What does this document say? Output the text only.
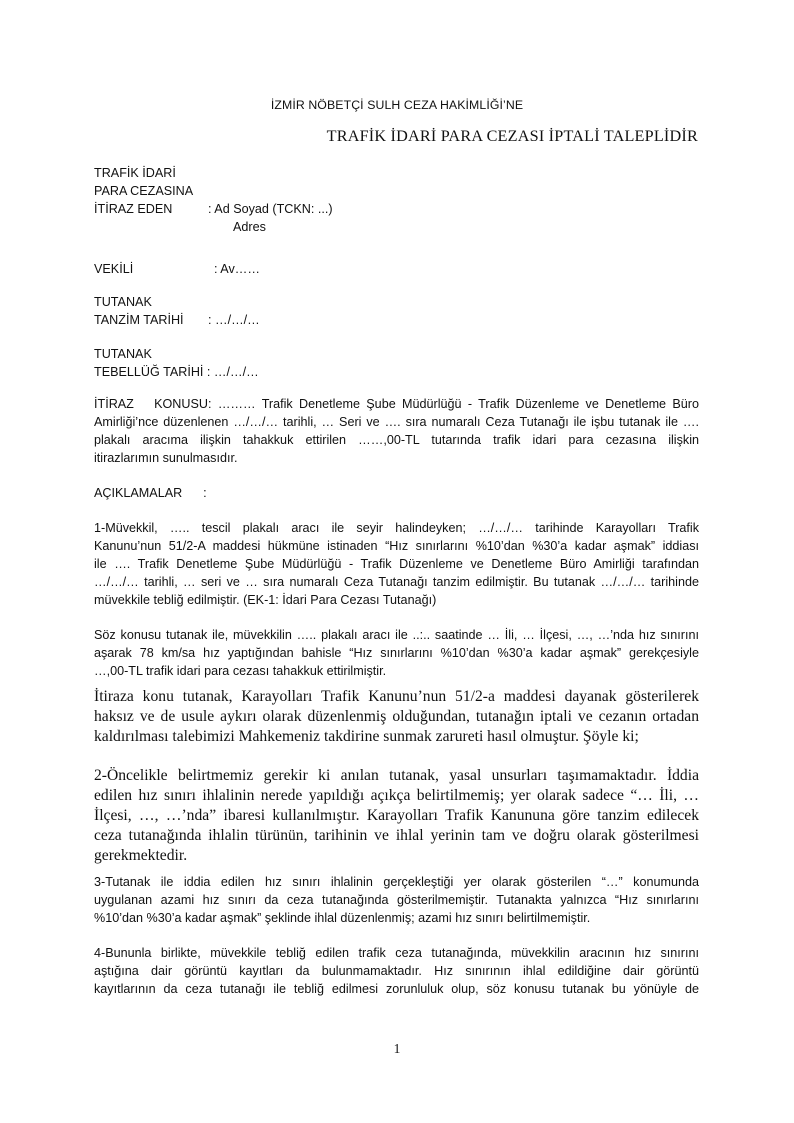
İZMİR NÖBETÇİ SULH CEZA HAKİMLİĞİ’NE
TRAFİK İDARİ PARA CEZASI İPTALİ TALEPLİDİR
TRAFİK İDARİ
PARA CEZASINA
İTİRAZ EDEN	: Ad Soyad (TCKN: ...)
Adres
VEKİLİ	: Av……
TUTANAK
TANZİM TARİHİ : …/…/…
TUTANAK
TEBELLÜĞ TARİHİ : …/…/…
İTİRAZ KONUSU: ……… Trafik Denetleme Şube Müdürlüğü - Trafik Düzenleme ve Denetleme Büro
Amirliği’nce düzenlenen …/…/… tarihli, … Seri ve …. sıra numaralı Ceza Tutanağı ile işbu tutanak ile ….
plakalı aracıma ilişkin tahakkuk ettirilen ……,00-TL tutarında trafik idari para cezasına ilişkin
itirazlarımın sunulmasıdır.
AÇIKLAMALAR      :
1-Müvekkil, ….. tescil plakalı aracı ile seyir halindeyken; …/…/… tarihinde Karayolları Trafik
Kanunu’nun 51/2-A maddesi hükmüne istinaden “Hız sınırlarını %10’dan %30’a kadar aşmak” iddiası
ile …. Trafik Denetleme Şube Müdürlüğü - Trafik Düzenleme ve Denetleme Büro Amirliği tarafından
…/…/… tarihli, … seri ve … sıra numaralı Ceza Tutanağı tanzim edilmiştir. Bu tutanak …/…/… tarihinde
müvekkile tebliğ edilmiştir. (EK-1: İdari Para Cezası Tutanağı)
Söz konusu tutanak ile, müvekkilin ….. plakalı aracı ile ..:.. saatinde … İli, … İlçesi, …, …’nda hız sınırını
aşarak 78 km/sa hız yaptığından bahisle “Hız sınırlarını %10’dan %30’a kadar aşmak” gerekçesiyle
…,00-TL trafik idari para cezası tahakkuk ettirilmiştir.
İtiraza konu tutanak, Karayolları Trafik Kanunu’nun 51/2-a maddesi dayanak gösterilerek
haksız ve de usule aykırı olarak düzenlenmiş olduğundan, tutanağın iptali ve cezanın ortadan
kaldırılması talebimizi Mahkemeniz takdirine sunmak zarureti hasıl olmuştur. Şöyle ki;
2-Öncelikle belirtmemiz gerekir ki anılan tutanak, yasal unsurları taşımamaktadır. İddia
edilen hız sınırı ihlalinin nerede yapıldığı açıkça belirtilmemiş; yer olarak sadece “… İli, …
İlçesi, …, …’nda” ibaresi kullanılmıştır. Karayolları Trafik Kanununa göre tanzim edilecek
ceza tutanağında ihlalin türünün, tarihinin ve ihlal yerinin tam ve doğru olarak gösterilmesi
gerekmektedir.
3-Tutanak ile iddia edilen hız sınırı ihlalinin gerçekleştiği yer olarak gösterilen “…” konumunda
uygulanan azami hız sınırı da ceza tutanağında gösterilmemiştir. Tutanakta yalnızca “Hız sınırlarını
%10’dan %30’a kadar aşmak” şeklinde ihlal düzenlenmiş; azami hız sınırı belirtilmemiştir.
4-Bununla birlikte, müvekkile tebliğ edilen trafik ceza tutanağında, müvekkilin aracının hız sınırını
aştığına dair görüntü kayıtları da bulunmamaktadır. Hız sınırının ihlal edildiğine dair görüntü
kayıtlarının da ceza tutanağı ile tebliğ edilmesi zorunluluk olup, söz konusu tutanak bu yönüyle de
1
